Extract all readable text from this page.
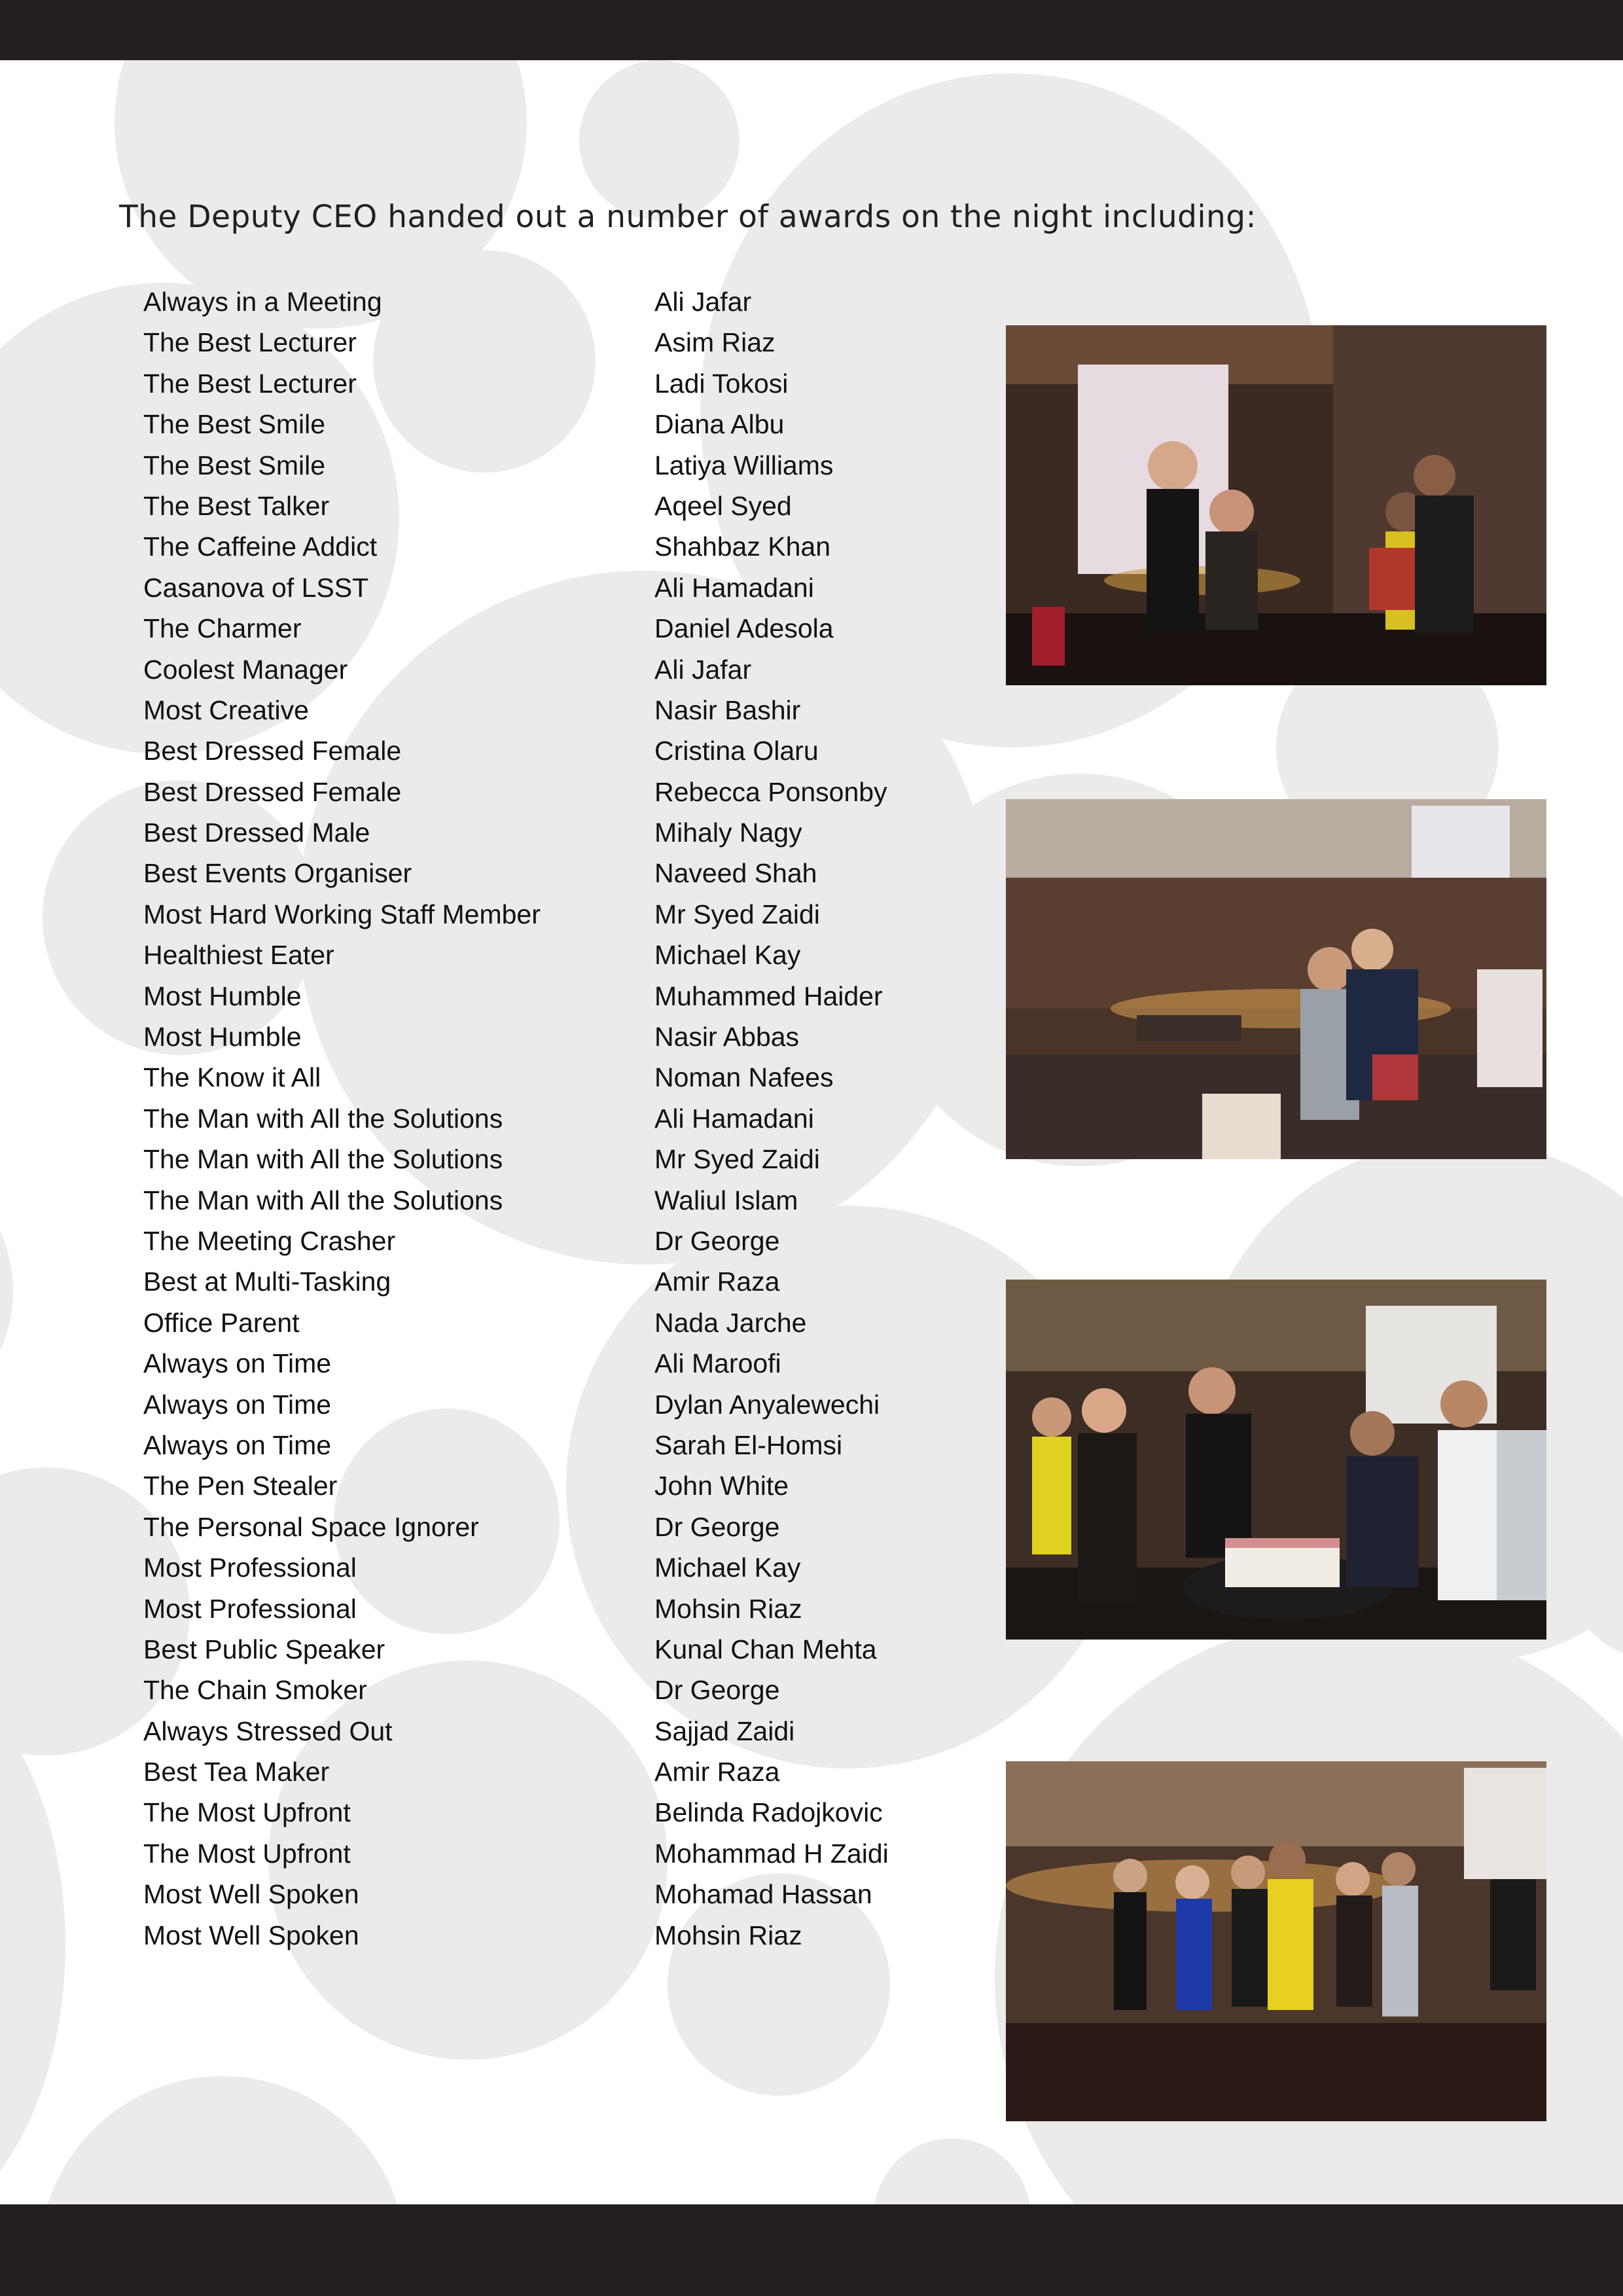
The Deputy CEO handed out a number of awards on the night including:
Always in a Meeting
The Best Lecturer
The Best Lecturer
The Best Smile
The Best Smile
The Best Talker
The Caffeine Addict
Casanova of LSST
The Charmer
Coolest Manager
Most Creative
Best Dressed Female
Best Dressed Female
Best Dressed Male
Best Events Organiser
Most Hard Working Staff Member
Healthiest Eater
Most Humble
Most Humble
The Know it All
The Man with All the Solutions
The Man with All the Solutions
The Man with All the Solutions
The Meeting Crasher
Best at Multi-Tasking
Office Parent
Always on Time
Always on Time
Always on Time
The Pen Stealer
The Personal Space Ignorer
Most Professional
Most Professional
Best Public Speaker
The Chain Smoker
Always Stressed Out
Best Tea Maker
The Most Upfront
The Most Upfront
Most Well Spoken
Most Well Spoken
Ali Jafar
Asim Riaz
Ladi Tokosi
Diana Albu
Latiya Williams
Aqeel Syed
Shahbaz Khan
Ali Hamadani
Daniel Adesola
Ali Jafar
Nasir Bashir
Cristina Olaru
Rebecca Ponsonby
Mihaly Nagy
Naveed Shah
Mr Syed Zaidi
Michael Kay
Muhammed Haider
Nasir Abbas
Noman Nafees
Ali Hamadani
Mr Syed Zaidi
Waliul Islam
Dr George
Amir Raza
Nada Jarche
Ali Maroofi
Dylan Anyalewechi
Sarah El-Homsi
John White
Dr George
Michael Kay
Mohsin Riaz
Kunal Chan Mehta
Dr George
Sajjad Zaidi
Amir Raza
Belinda Radojkovic
Mohammad H Zaidi
Mohamad Hassan
Mohsin Riaz
